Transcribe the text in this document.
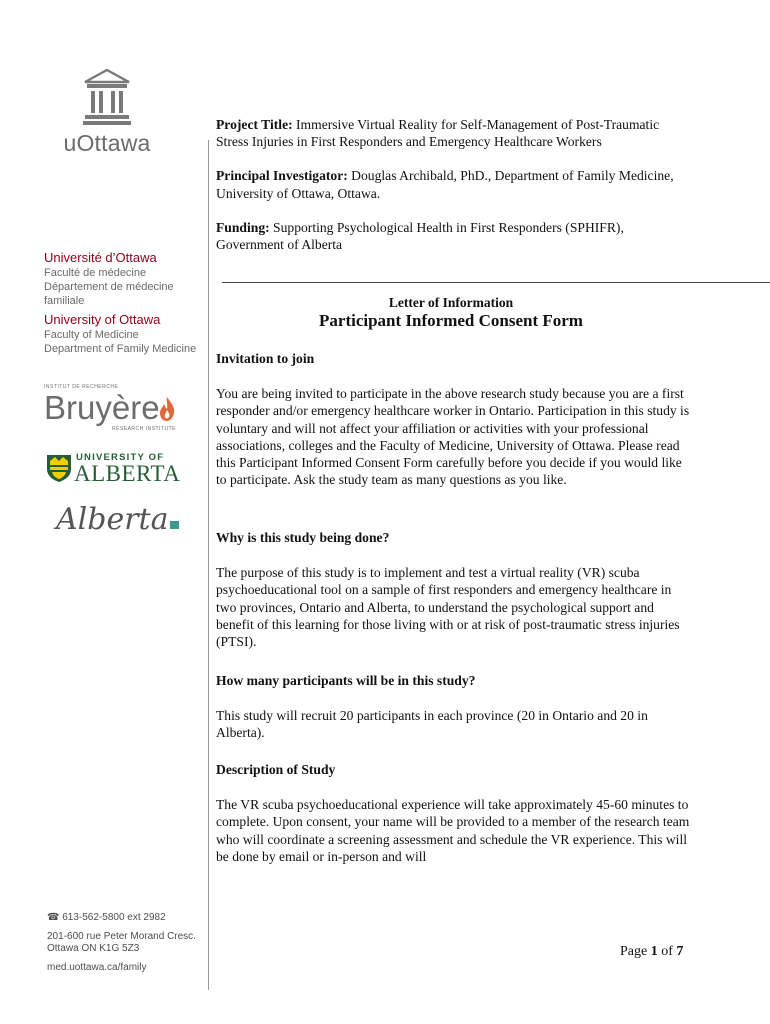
uOttawa
Université d’Ottawa
Faculté de médecine
Département de médecine familiale
University of Ottawa
Faculty of Medicine
Department of Family Medicine
INSTITUT DE RECHERCHE
Bruyère
RESEARCH INSTITUTE
UNIVERSITY OF
ALBERTA
Alberta
☎ 613-562-5800 ext 2982
201-600 rue Peter Morand Cresc.
Ottawa ON K1G 5Z3
med.uottawa.ca/family

Project Title: Immersive Virtual Reality for Self-Management of Post-Traumatic Stress Injuries in First Responders and Emergency Healthcare Workers

Principal Investigator: Douglas Archibald, PhD., Department of Family Medicine, University of Ottawa, Ottawa.

Funding: Supporting Psychological Health in First Responders (SPHIFR), Government of Alberta

Letter of Information
Participant Informed Consent Form
Invitation to join

You are being invited to participate in the above research study because you are a first responder and/or emergency healthcare worker in Ontario. Participation in this study is voluntary and will not affect your affiliation or activities with your professional associations, colleges and the Faculty of Medicine, University of Ottawa. Please read this Participant Informed Consent Form carefully before you decide if you would like to participate. Ask the study team as many questions as you like.

Why is this study being done?

The purpose of this study is to implement and test a virtual reality (VR) scuba psychoeducational tool on a sample of first responders and emergency healthcare in two provinces, Ontario and Alberta, to understand the psychological support and benefit of this learning for those living with or at risk of post-traumatic stress injuries (PTSI).

How many participants will be in this study?

This study will recruit 20 participants in each province (20 in Ontario and 20 in Alberta).

Description of Study

The VR scuba psychoeducational experience will take approximately 45-60 minutes to complete. Upon consent, your name will be provided to a member of the research team who will coordinate a screening assessment and schedule the VR experience. This will be done by email or in-person and will

Page 1 of 7
